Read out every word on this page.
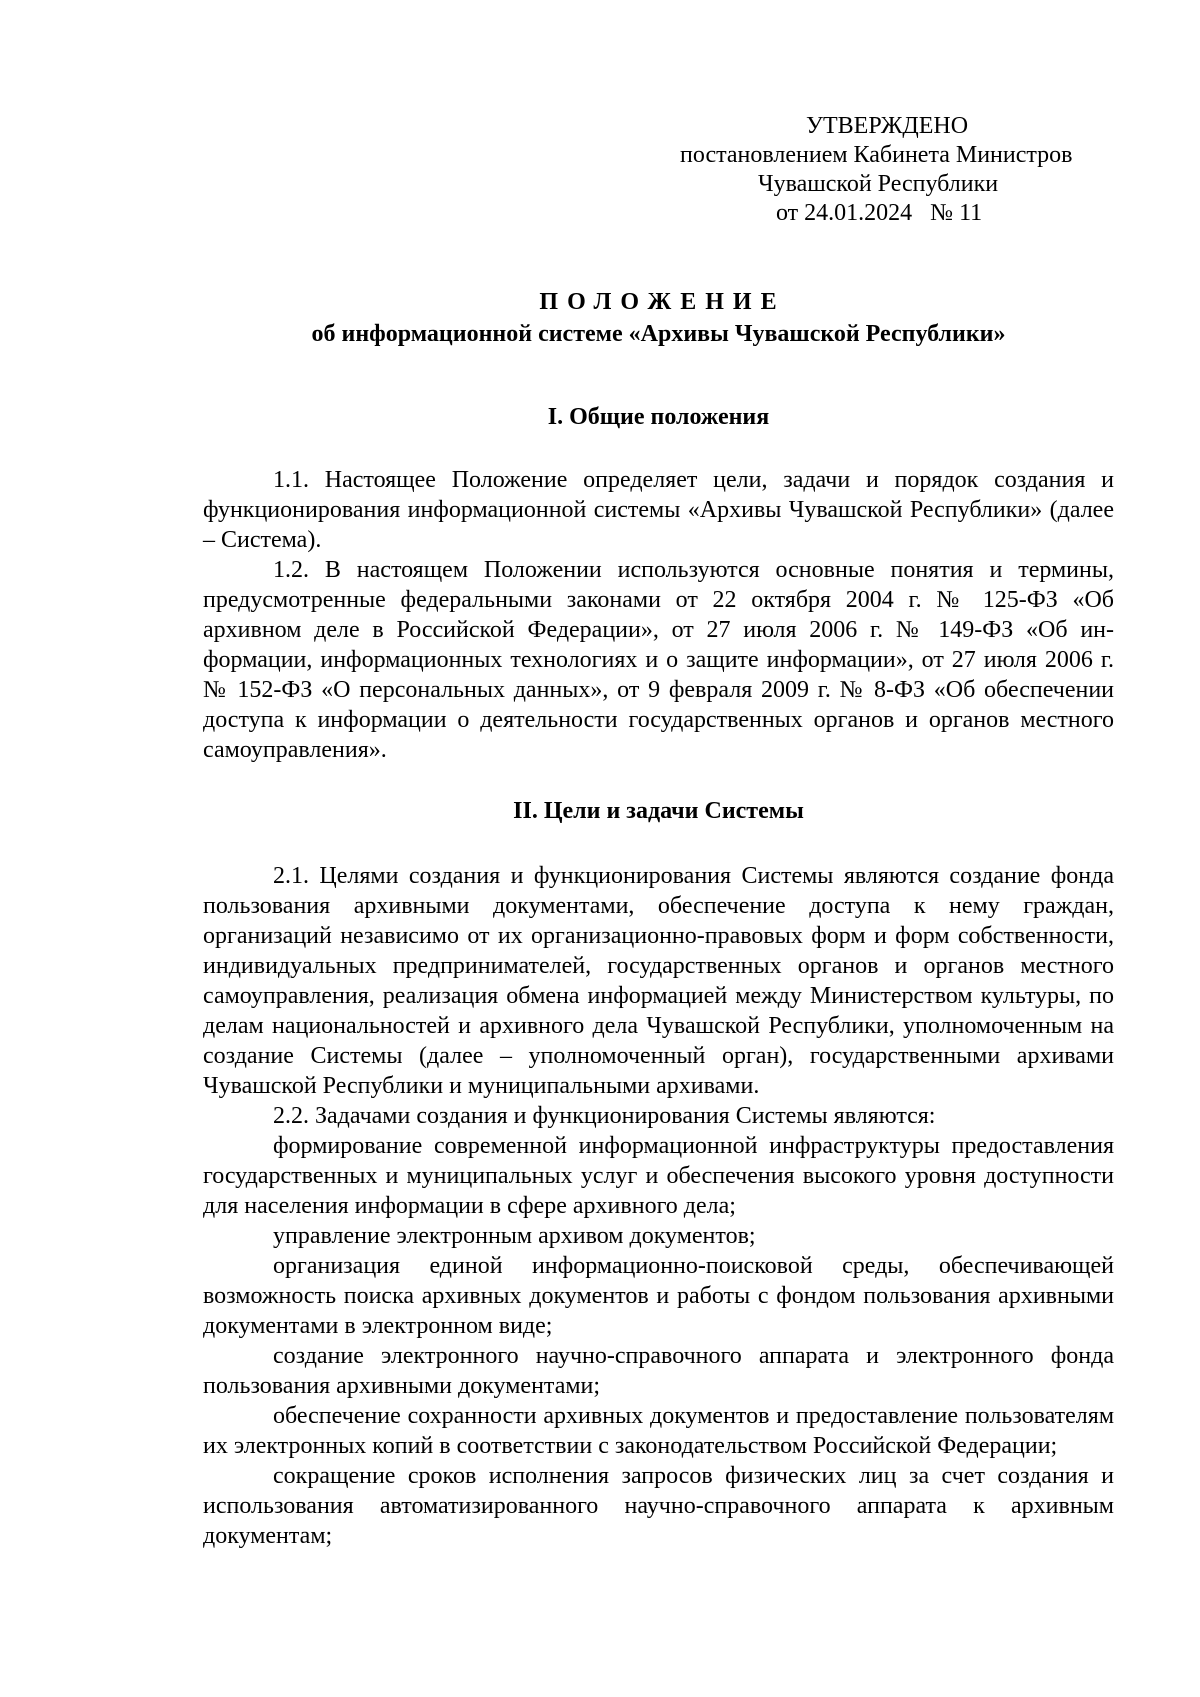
УТВЕРЖДЕНО
постановлением Кабинета Министров
Чувашской Республики
от 24.01.2024   № 11
ПОЛОЖЕНИЕ
об информационной системе «Архивы Чувашской Республики»
I. Общие положения

1.1. Настоящее Положение определяет цели, задачи и порядок создания и функционирования информационной системы «Архивы Чувашской Республики» (далее – Система).

1.2. В настоящем Положении используются основные понятия и термины, предусмотренные федеральными законами от 22 октября 2004 г. № 125-ФЗ «Об архивном деле в Российской Федерации», от 27 июля 2006 г. № 149-ФЗ «Об информации, информационных технологиях и о защите информации», от 27 июля 2006 г. № 152-ФЗ «О персональных данных», от 9 февраля 2009 г. № 8-ФЗ «Об обеспечении доступа к информации о деятельности государственных органов и органов местного самоуправления».

II. Цели и задачи Системы

2.1. Целями создания и функционирования Системы являются создание фонда пользования архивными документами, обеспечение доступа к нему граждан, организаций независимо от их организационно-правовых форм и форм собственности, индивидуальных предпринимателей, государственных органов и органов местного самоуправления, реализация обмена информацией между Министерством культуры, по делам национальностей и архивного дела Чувашской Республики, уполномоченным на создание Системы (далее – уполномоченный орган), государственными архивами Чувашской Республики и муниципальными архивами.

2.2. Задачами создания и функционирования Системы являются:

формирование современной информационной инфраструктуры предоставления государственных и муниципальных услуг и обеспечения высокого уровня доступности для населения информации в сфере архивного дела;

управление электронным архивом документов;

организация единой информационно-поисковой среды, обеспечивающей возможность поиска архивных документов и работы с фондом пользования архивными документами в электронном виде;

создание электронного научно-справочного аппарата и электронного фонда пользования архивными документами;

обеспечение сохранности архивных документов и предоставление пользователям их электронных копий в соответствии с законодательством Российской Федерации;

сокращение сроков исполнения запросов физических лиц за счет создания и использования автоматизированного научно-справочного аппарата к архивным документам;
